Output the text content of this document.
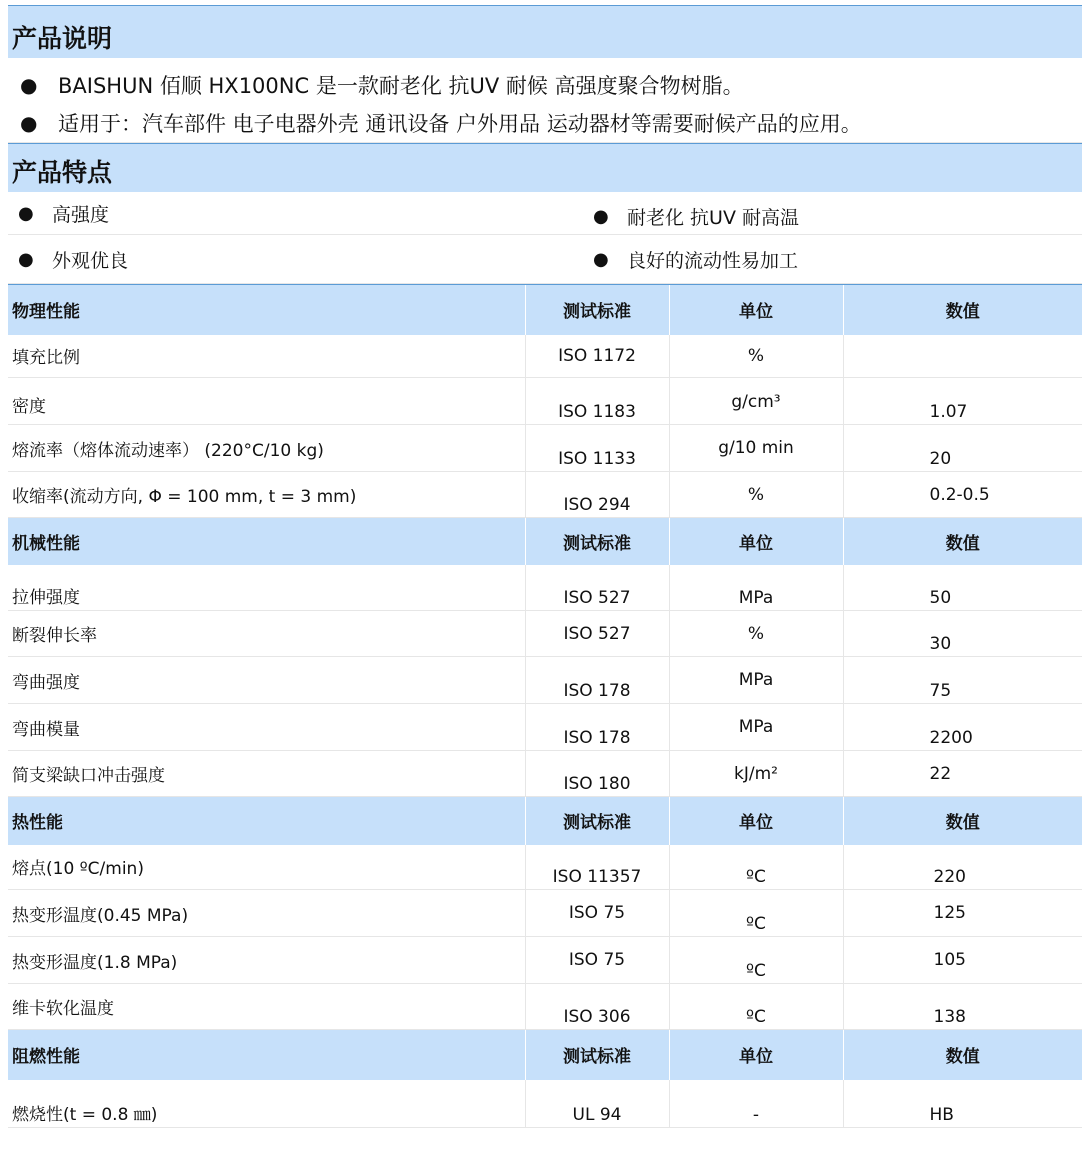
产品说明
● BAISHUN 佰顺 HX100NC 是一款耐老化 抗UV 耐候 高强度聚合物树脂。
● 适用于：汽车部件 电子电器外壳 通讯设备 户外用品 运动器材等需要耐候产品的应用。
产品特点
● 高强度	● 耐老化 抗UV 耐高温
● 外观优良	● 良好的流动性易加工
物理性能	测试标准	单位	数值
填充比例	ISO 1172	%	
密度	ISO 1183	g/cm³	1.07
熔流率（熔体流动速率） (220°C/10 kg)	ISO 1133	g/10 min	20
收缩率(流动方向, Φ = 100 mm, t = 3 mm)	ISO 294	%	0.2-0.5
机械性能	测试标准	单位	数值
拉伸强度	ISO 527	MPa	50
断裂伸长率	ISO 527	%	30
弯曲强度	ISO 178	MPa	75
弯曲模量	ISO 178	MPa	2200
简支梁缺口冲击强度	ISO 180	kJ/m²	22
热性能	测试标准	单位	数值
熔点(10 ºC/min)	ISO 11357	ºC	220
热变形温度(0.45 MPa)	ISO 75	ºC	125
热变形温度(1.8 MPa)	ISO 75	ºC	105
维卡软化温度	ISO 306	ºC	138
阻燃性能	测试标准	单位	数值
燃烧性(t = 0.8 ㎜)	UL 94	-	HB
